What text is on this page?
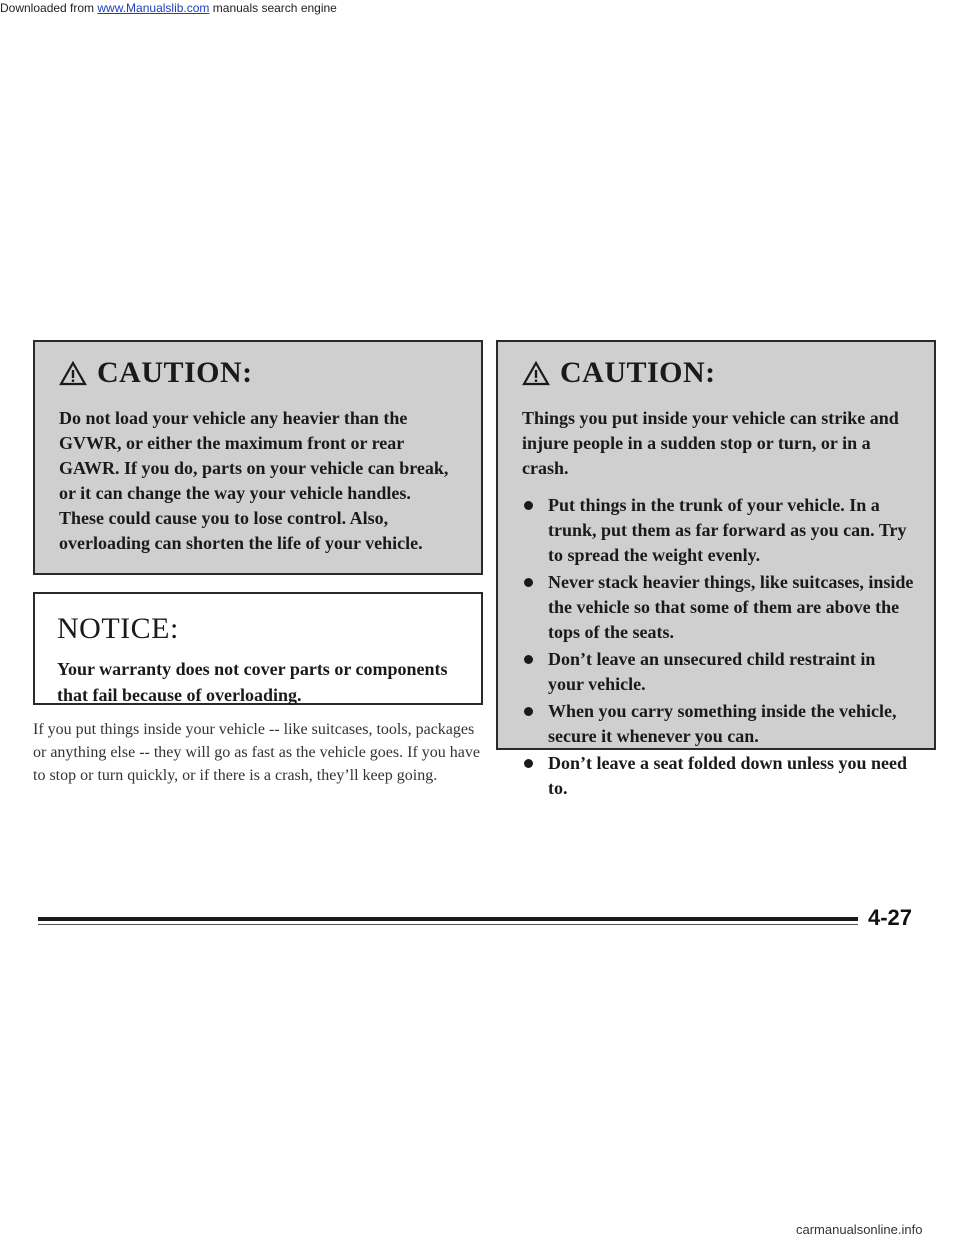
Downloaded from www.Manualslib.com manuals search engine
CAUTION:
Do not load your vehicle any heavier than the GVWR, or either the maximum front or rear GAWR. If you do, parts on your vehicle can break, or it can change the way your vehicle handles. These could cause you to lose control. Also, overloading can shorten the life of your vehicle.
NOTICE:
Your warranty does not cover parts or components that fail because of overloading.
If you put things inside your vehicle -- like suitcases, tools, packages or anything else -- they will go as fast as the vehicle goes. If you have to stop or turn quickly, or if there is a crash, they’ll keep going.
CAUTION:
Things you put inside your vehicle can strike and injure people in a sudden stop or turn, or in a crash.
Put things in the trunk of your vehicle. In a trunk, put them as far forward as you can. Try to spread the weight evenly.
Never stack heavier things, like suitcases, inside the vehicle so that some of them are above the tops of the seats.
Don’t leave an unsecured child restraint in your vehicle.
When you carry something inside the vehicle, secure it whenever you can.
Don’t leave a seat folded down unless you need to.
4-27
carmanualsonline.info
